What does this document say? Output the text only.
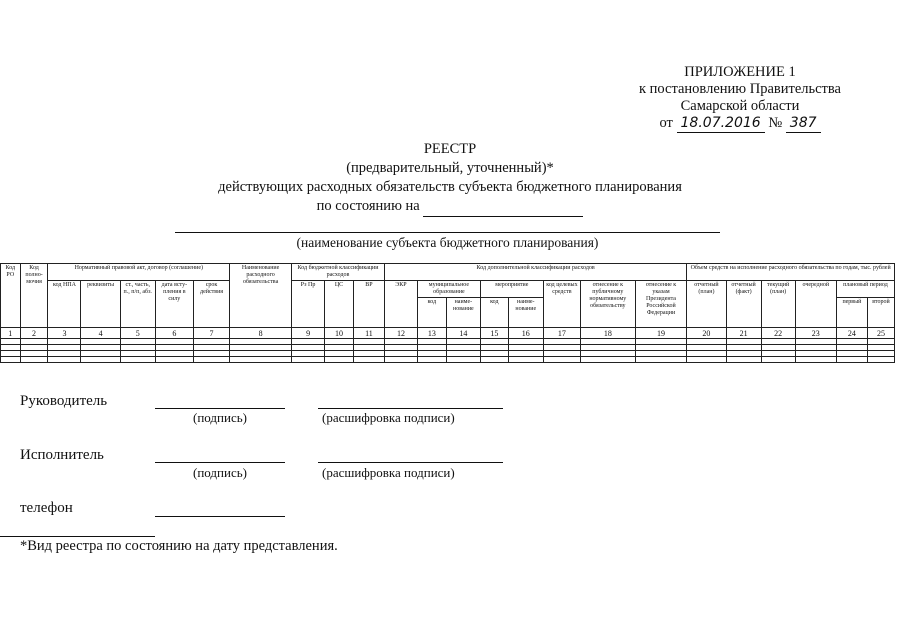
ПРИЛОЖЕНИЕ 1
к постановлению Правительства
Самарской области
от 18.07.2016 № 387
РЕЕСТР
(предварительный, уточненный)*
действующих расходных обязательств субъекта бюджетного планирования
по состоянию на
(наименование субъекта бюджетного планирования)
Код РО	Код полно-мочия	Нормативный правовой акт, договор (соглашение)					Наименование расходного обязательства	Код бюджетной классификации расходов			Код дополнительной классификации расходов								Объем средств на исполнение расходного обязательства по годам, тыс. рублей					
		код НПА	реквизиты	ст., часть, п., п/п, абз.	дата всту-пления в силу	срок действия		Рз Пр	ЦС	ВР	ЭКР	муниципальное образование		мероприятие		код целевых средств	отнесение к публичному нормативному обязательству	отнесение к указам Президента Российской Федерации	отчетный (план)	отчетный (факт)	текущий (план)	очередной	плановый период	
												код	наиме-нование	код	наиме-нование								первый	второй
1	2	3	4	5	6	7	8	9	10	11	12	13	14	15	16	17	18	19	20	21	22	23	24	25

Руководитель
(подпись)	(расшифровка подписи)
Исполнитель
(подпись)	(расшифровка подписи)
телефон
*Вид реестра по состоянию на дату представления.
